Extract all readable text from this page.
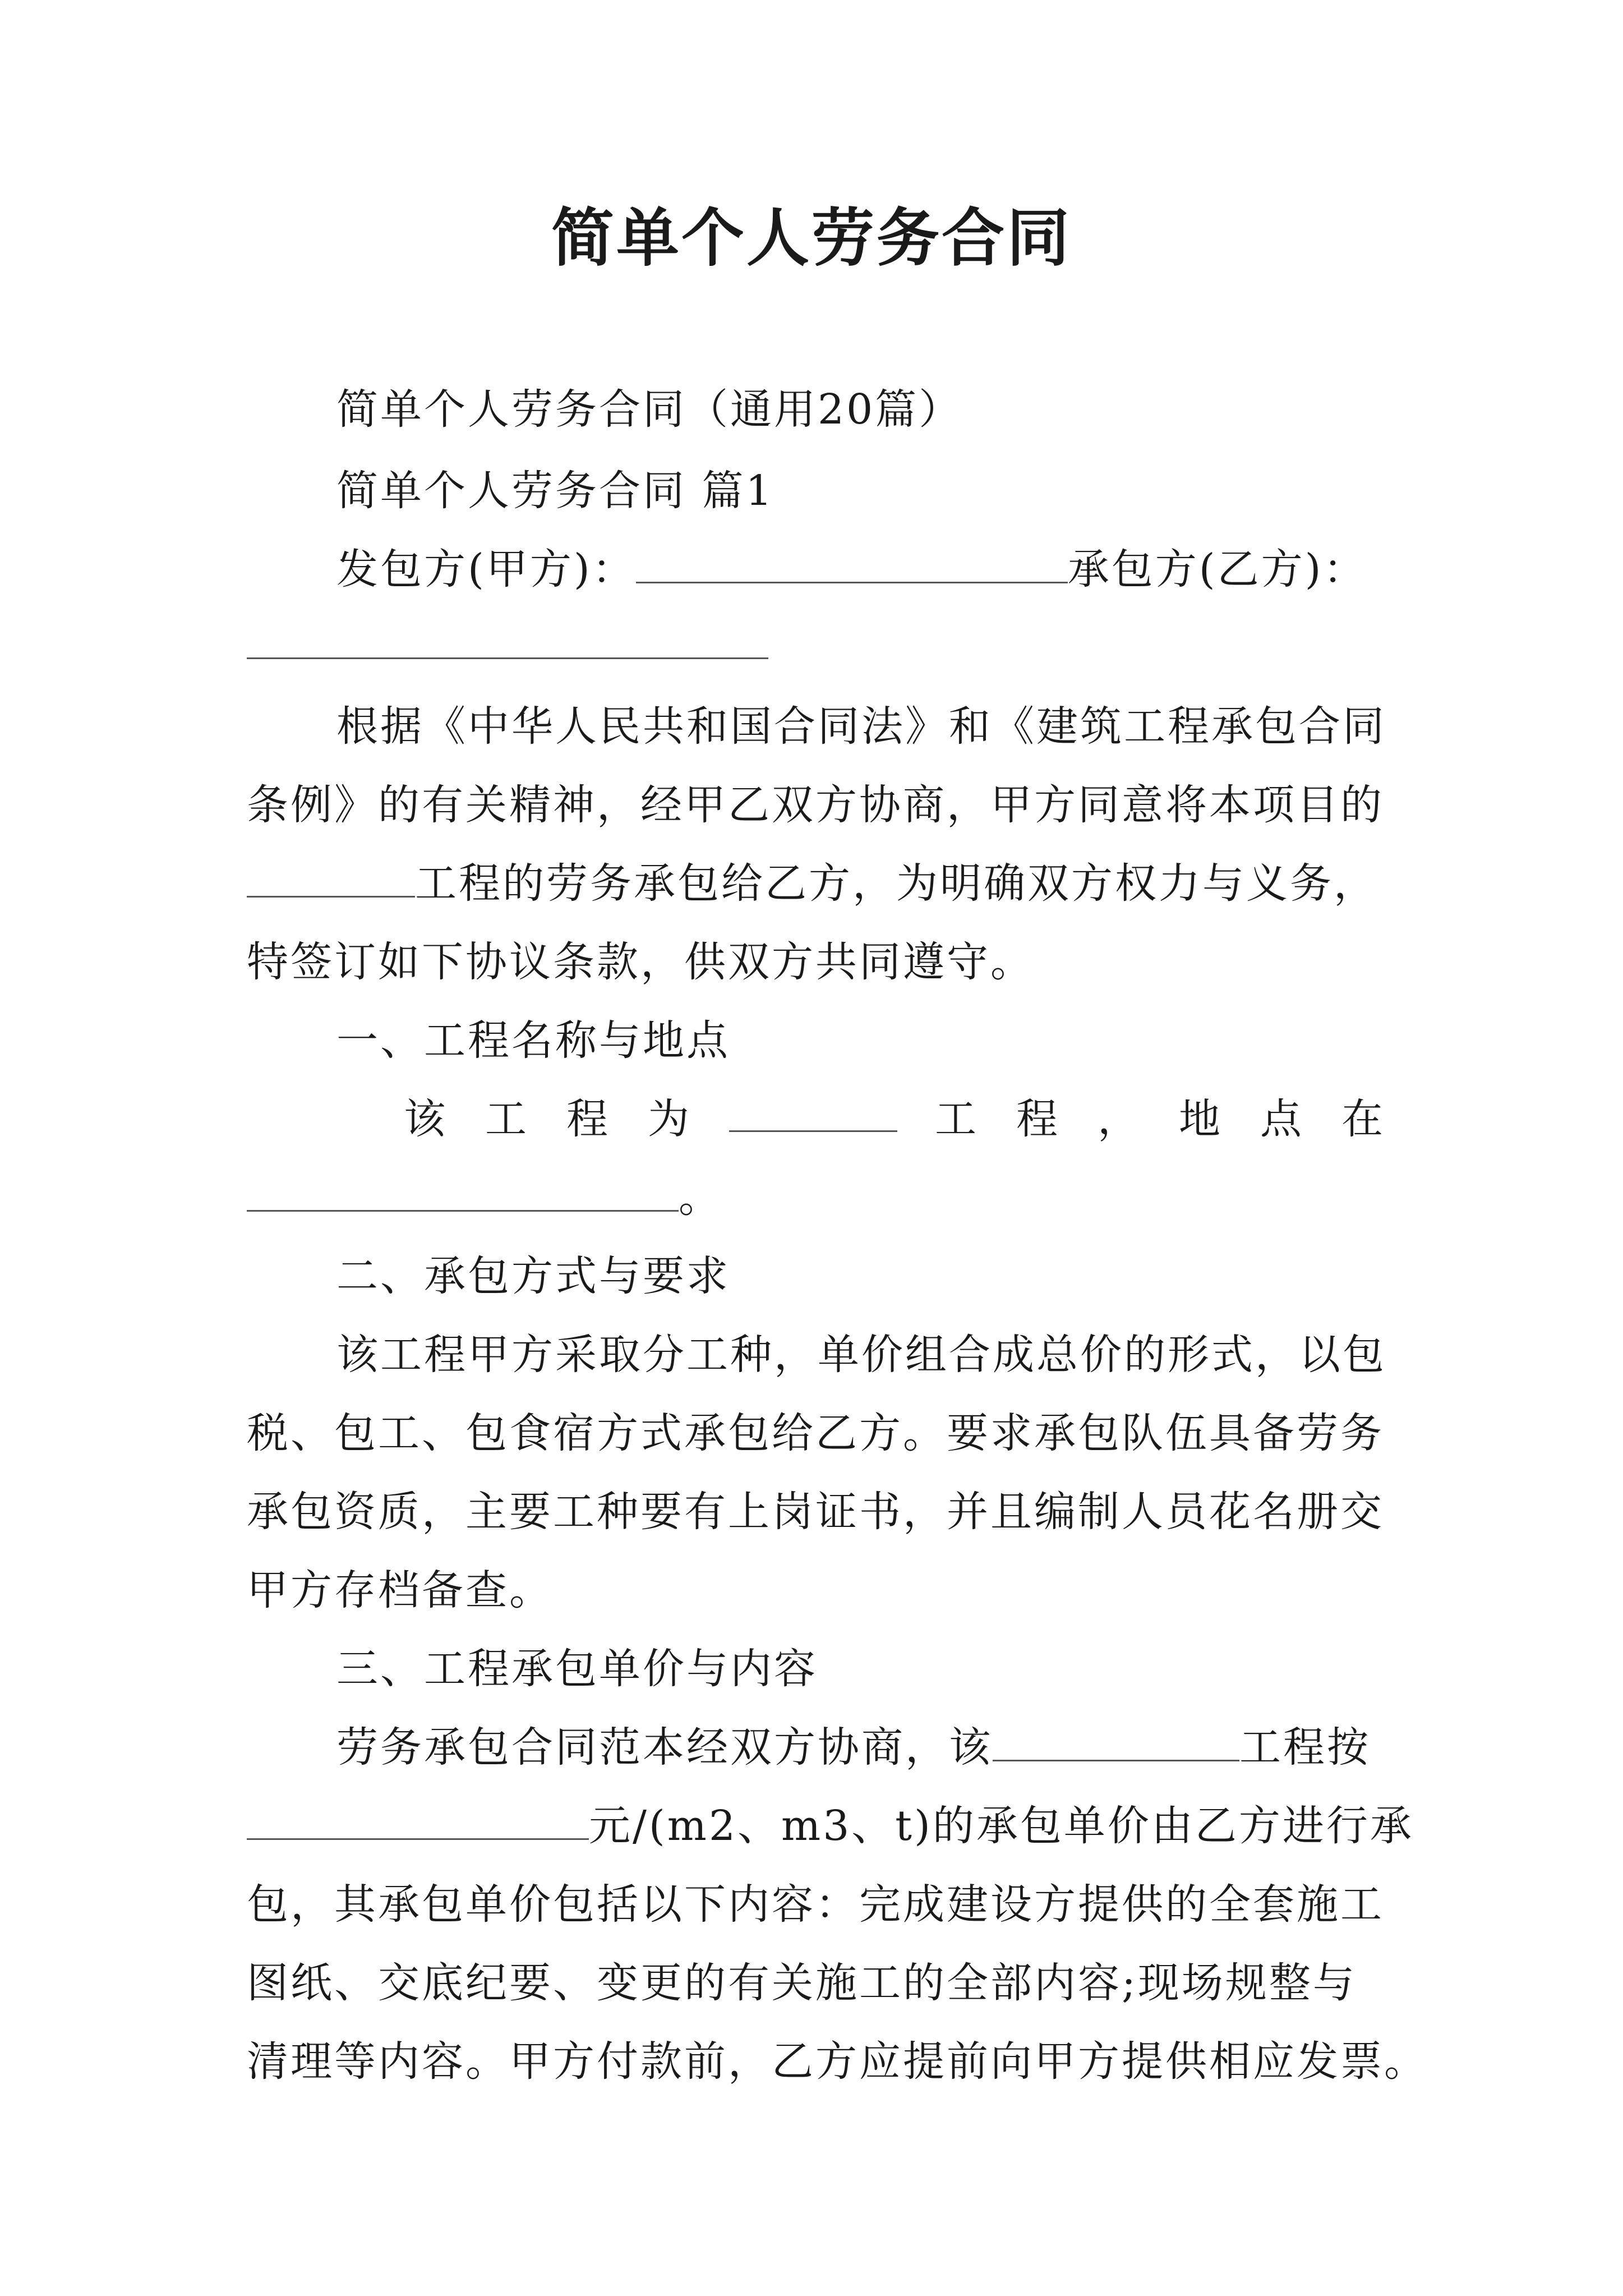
简单个人劳务合同
简单个人劳务合同（通用20篇）
简单个人劳务合同 篇1
发包方(甲方)：	承包方(乙方)：
根据《中华人民共和国合同法》和《建筑工程承包合同
条例》的有关精神，经甲乙双方协商，甲方同意将本项目的
工程的劳务承包给乙方，为明确双方权力与义务，
特签订如下协议条款，供双方共同遵守。
一、工程名称与地点
该 工 程 为	工 程 ， 地 点 在
。
二、承包方式与要求
该工程甲方采取分工种，单价组合成总价的形式，以包
税、包工、包食宿方式承包给乙方。要求承包队伍具备劳务
承包资质，主要工种要有上岗证书，并且编制人员花名册交
甲方存档备查。
三、工程承包单价与内容
劳务承包合同范本经双方协商，该	工程按
元/(m2、m3、t)的承包单价由乙方进行承
包，其承包单价包括以下内容：完成建设方提供的全套施工
图纸、交底纪要、变更的有关施工的全部内容;现场规整与
清理等内容。甲方付款前，乙方应提前向甲方提供相应发票。
